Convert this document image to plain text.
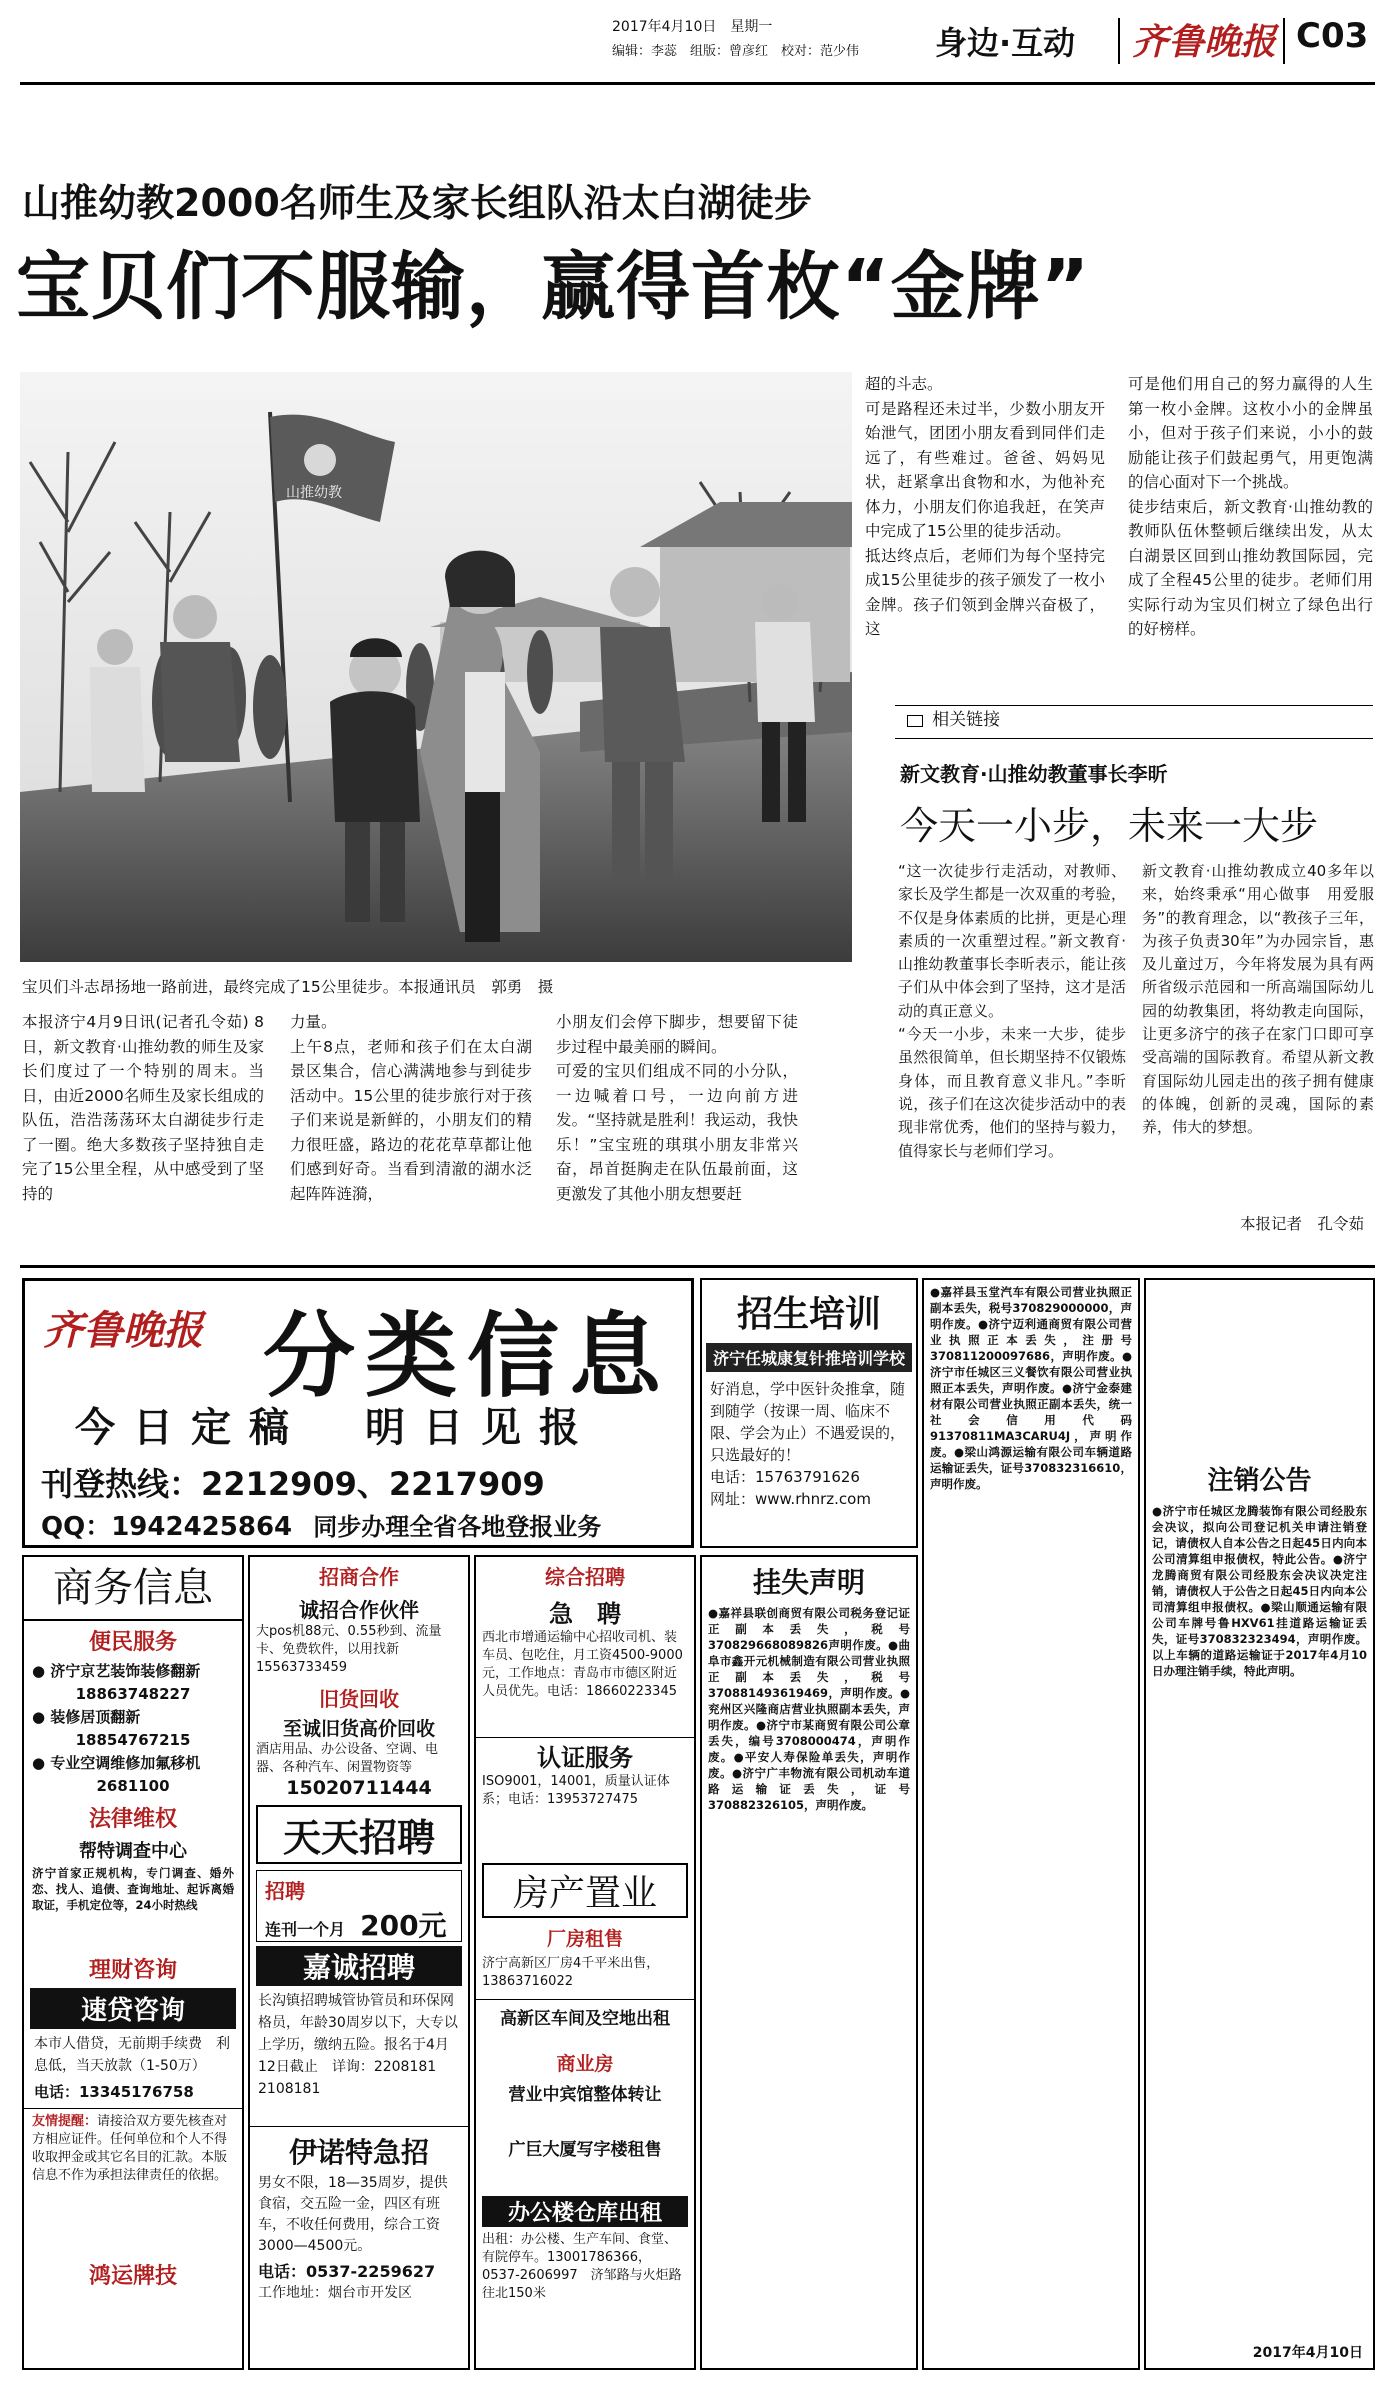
2017年4月10日　星期一
编辑：李蕊　组版：曾彦红　校对：范少伟 身边·互动 齐鲁晚报 C03
山推幼教2000名师生及家长组队沿太白湖徒步
宝贝们不服输，赢得首枚“金牌”
山推幼教
宝贝们斗志昂扬地一路前进，最终完成了15公里徒步。本报通讯员　郭勇　摄
本报济宁4月9日讯(记者孔令茹) 8日，新文教育·山推幼教的师生及家长们度过了一个特别的周末。当日，由近2000名师生及家长组成的队伍，浩浩荡荡环太白湖徒步行走了一圈。绝大多数孩子坚持独自走完了15公里全程，从中感受到了坚持的
力量。
上午8点，老师和孩子们在太白湖景区集合，信心满满地参与到徒步活动中。15公里的徒步旅行对于孩子们来说是新鲜的，小朋友们的精力很旺盛，路边的花花草草都让他们感到好奇。当看到清澈的湖水泛起阵阵涟漪，
小朋友们会停下脚步，想要留下徒步过程中最美丽的瞬间。
可爱的宝贝们组成不同的小分队，一边喊着口号，一边向前方进发。“坚持就是胜利！我运动，我快乐！”宝宝班的琪琪小朋友非常兴奋，昂首挺胸走在队伍最前面，这更激发了其他小朋友想要赶
超的斗志。
可是路程还未过半，少数小朋友开始泄气，团团小朋友看到同伴们走远了，有些难过。爸爸、妈妈见状，赶紧拿出食物和水，为他补充体力，小朋友们你追我赶，在笑声中完成了15公里的徒步活动。
抵达终点后，老师们为每个坚持完成15公里徒步的孩子颁发了一枚小金牌。孩子们领到金牌兴奋极了，这
可是他们用自己的努力赢得的人生第一枚小金牌。这枚小小的金牌虽小，但对于孩子们来说，小小的鼓励能让孩子们鼓起勇气，用更饱满的信心面对下一个挑战。
徒步结束后，新文教育·山推幼教的教师队伍休整顿后继续出发，从太白湖景区回到山推幼教国际园，完成了全程45公里的徒步。老师们用实际行动为宝贝们树立了绿色出行的好榜样。
相关链接
新文教育·山推幼教董事长李昕
今天一小步，未来一大步
“这一次徒步行走活动，对教师、家长及学生都是一次双重的考验，不仅是身体素质的比拼，更是心理素质的一次重塑过程。”新文教育·山推幼教董事长李昕表示，能让孩子们从中体会到了坚持，这才是活动的真正意义。
“今天一小步，未来一大步，徒步虽然很简单，但长期坚持不仅锻炼身体，而且教育意义非凡。”李昕说，孩子们在这次徒步活动中的表现非常优秀，他们的坚持与毅力，值得家长与老师们学习。
新文教育·山推幼教成立40多年以来，始终秉承“用心做事　用爱服务”的教育理念，以“教孩子三年，为孩子负责30年”为办园宗旨，惠及儿童过万，今年将发展为具有两所省级示范园和一所高端国际幼儿园的幼教集团，将幼教走向国际，让更多济宁的孩子在家门口即可享受高端的国际教育。希望从新文教育国际幼儿园走出的孩子拥有健康的体魄，创新的灵魂，国际的素养，伟大的梦想。
本报记者　孔令茹
齐鲁晚报 分类信息
今日定稿　明日见报
刊登热线：2212909、2217909
QQ：1942425864 同步办理全省各地登报业务
招生培训
济宁任城康复针推培训学校
好消息，学中医针灸推拿，随到随学（按课一周、临床不限、学会为止）不遇爱误的，只选最好的！
电话：15763791626
网址：www.rhnrz.com
商务信息
便民服务
● 济宁京艺装饰装修翻新
18863748227
● 装修居顶翻新
18854767215
● 专业空调维修加氟移机
2681100
法律维权
帮特调查中心
济宁首家正规机构，专门调查、婚外恋、找人、追债、查询地址、起诉离婚取证，手机定位等，24小时热线
理财咨询
速贷咨询
本市人借贷，无前期手续费　利息低，当天放款（1-50万）
电话：13345176758
友情提醒：请接洽双方要先核查对方相应证件。任何单位和个人不得收取押金或其它名目的汇款。本版信息不作为承担法律责任的依据。
鸿运牌技
招商合作
诚招合作伙伴
大pos机88元、0.55秒到、流量卡、免费软件，以用找新15563733459
旧货回收
至诚旧货高价回收
酒店用品、办公设备、空调、电器、各种汽车、闲置物资等
15020711444
天天招聘
招聘
连刊一个月 200元
嘉诚招聘
长沟镇招聘城管协管员和环保网格员，年龄30周岁以下，大专以上学历，缴纳五险。报名于4月12日截止　详询：2208181　2108181
伊诺特急招
男女不限，18—35周岁，提供食宿，交五险一金，四区有班车，不收任何费用，综合工资3000—4500元。
电话：0537-2259627
工作地址：烟台市开发区
综合招聘
急　聘
西北市增通运输中心招收司机、装车员、包吃住，月工资4500-9000元，工作地点：青岛市市德区附近人员优先。电话：18660223345
认证服务
ISO9001，14001，质量认证体系；电话：13953727475
房产置业
厂房租售
济宁高新区厂房4千平米出售，13863716022
高新区车间及空地出租
商业房
营业中宾馆整体转让
广巨大厦写字楼租售
办公楼仓库出租
出租：办公楼、生产车间、食堂、有院停车。13001786366，0537-2606997　济邹路与火炬路往北150米
挂失声明
●嘉祥县联创商贸有限公司税务登记证正副本丢失，税号370829668089826声明作废。●曲阜市鑫开元机械制造有限公司营业执照正副本丢失，税号370881493619469，声明作废。●兖州区兴隆商店营业执照副本丢失，声明作废。●济宁市某商贸有限公司公章丢失，编号3708000474，声明作废。●平安人寿保险单丢失，声明作废。●济宁广丰物流有限公司机动车道路运输证丢失，证号370882326105，声明作废。
●嘉祥县玉堂汽车有限公司营业执照正副本丢失，税号370829000000，声明作废。●济宁迈利通商贸有限公司营业执照正本丢失，注册号370811200097686，声明作废。●济宁市任城区三义餐饮有限公司营业执照正本丢失，声明作废。●济宁金泰建材有限公司营业执照正副本丢失，统一社会信用代码91370811MA3CARU4J，声明作废。●梁山鸿源运输有限公司车辆道路运输证丢失，证号370832316610，声明作废。	注销公告
●济宁市任城区龙腾装饰有限公司经股东会决议，拟向公司登记机关申请注销登记，请债权人自本公告之日起45日内向本公司清算组申报债权，特此公告。●济宁龙腾商贸有限公司经股东会决议决定注销，请债权人于公告之日起45日内向本公司清算组申报债权。●梁山顺通运输有限公司车牌号鲁HXV61挂道路运输证丢失，证号370832323494，声明作废。以上车辆的道路运输证于2017年4月10日办理注销手续，特此声明。
2017年4月10日
